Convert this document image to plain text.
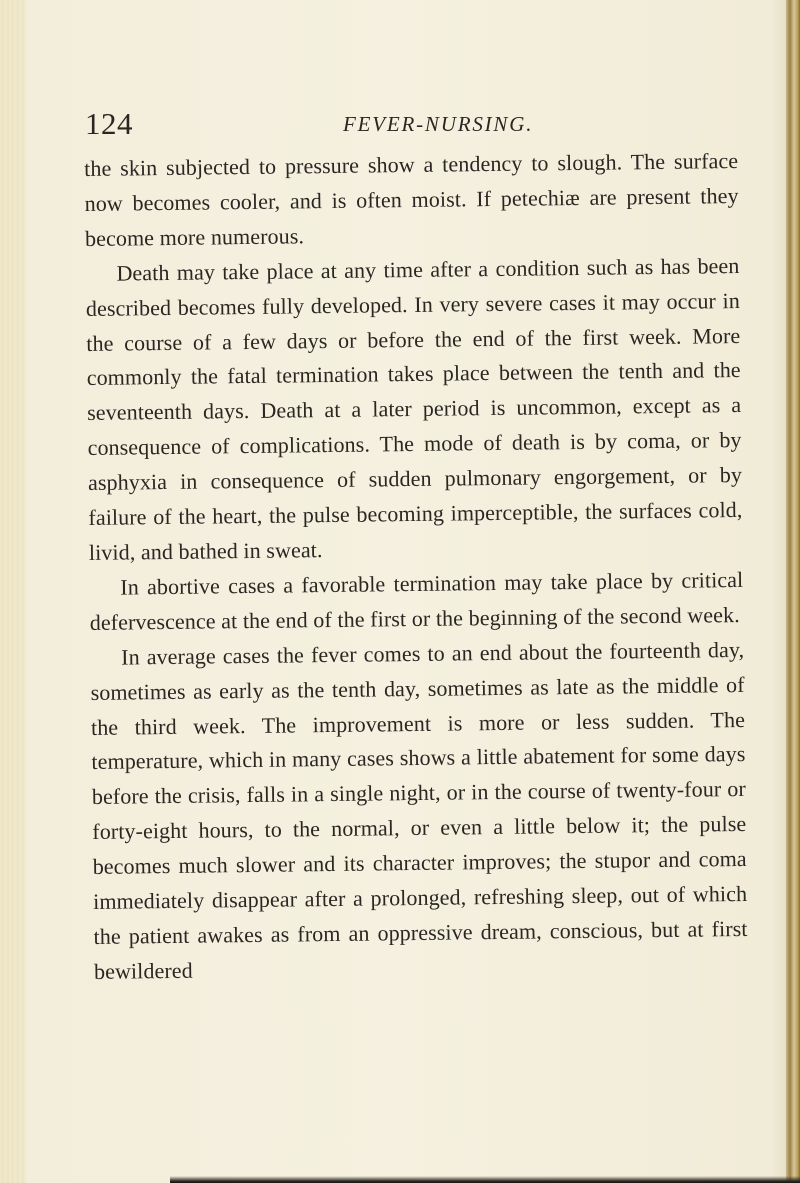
124	FEVER-NURSING.

the skin subjected to pressure show a tendency to slough. The surface now becomes cooler, and is often moist. If petechiæ are present they become more numerous.

Death may take place at any time after a condition such as has been described becomes fully developed. In very severe cases it may occur in the course of a few days or before the end of the first week. More commonly the fatal termination takes place between the tenth and the seventeenth days. Death at a later period is uncommon, except as a consequence of complications. The mode of death is by coma, or by asphyxia in consequence of sudden pulmonary engorgement, or by failure of the heart, the pulse becoming imperceptible, the surfaces cold, livid, and bathed in sweat.

In abortive cases a favorable termination may take place by critical defervescence at the end of the first or the beginning of the second week.

In average cases the fever comes to an end about the fourteenth day, sometimes as early as the tenth day, sometimes as late as the middle of the third week. The improvement is more or less sudden. The temperature, which in many cases shows a little abatement for some days before the crisis, falls in a single night, or in the course of twenty-four or forty-eight hours, to the normal, or even a little below it; the pulse becomes much slower and its character improves; the stupor and coma immediately disappear after a prolonged, refreshing sleep, out of which the patient awakes as from an oppressive dream, conscious, but at first bewildered
